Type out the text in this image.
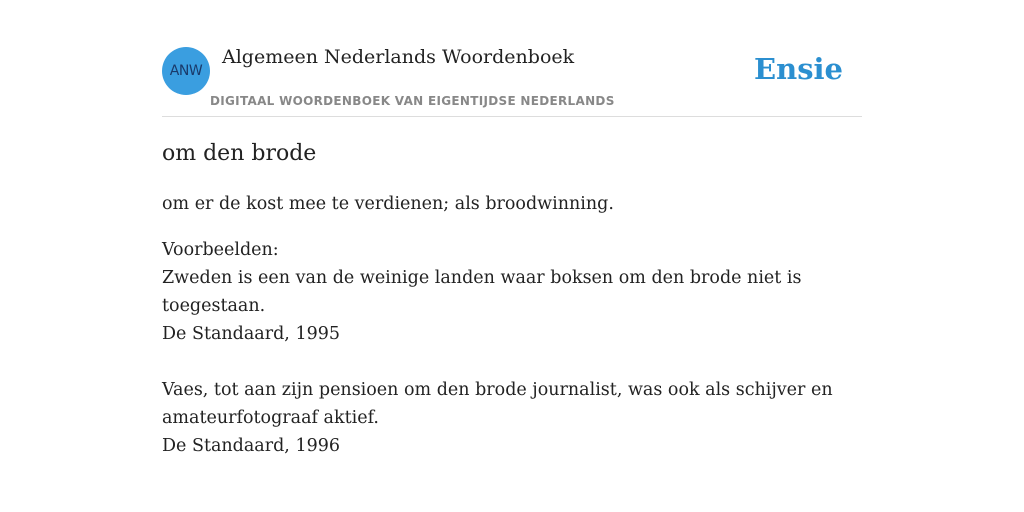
ANW
Algemeen Nederlands Woordenboek
DIGITAAL WOORDENBOEK VAN EIGENTIJDSE NEDERLANDS
Ensie
om den brode

om er de kost mee te verdienen; als broodwinning.

Voorbeelden:

Zweden is een van de weinige landen waar boksen om den brode niet is toegestaan.
De Standaard, 1995

Vaes, tot aan zijn pensioen om den brode journalist, was ook als schijver en amateurfotograaf aktief.
De Standaard, 1996
